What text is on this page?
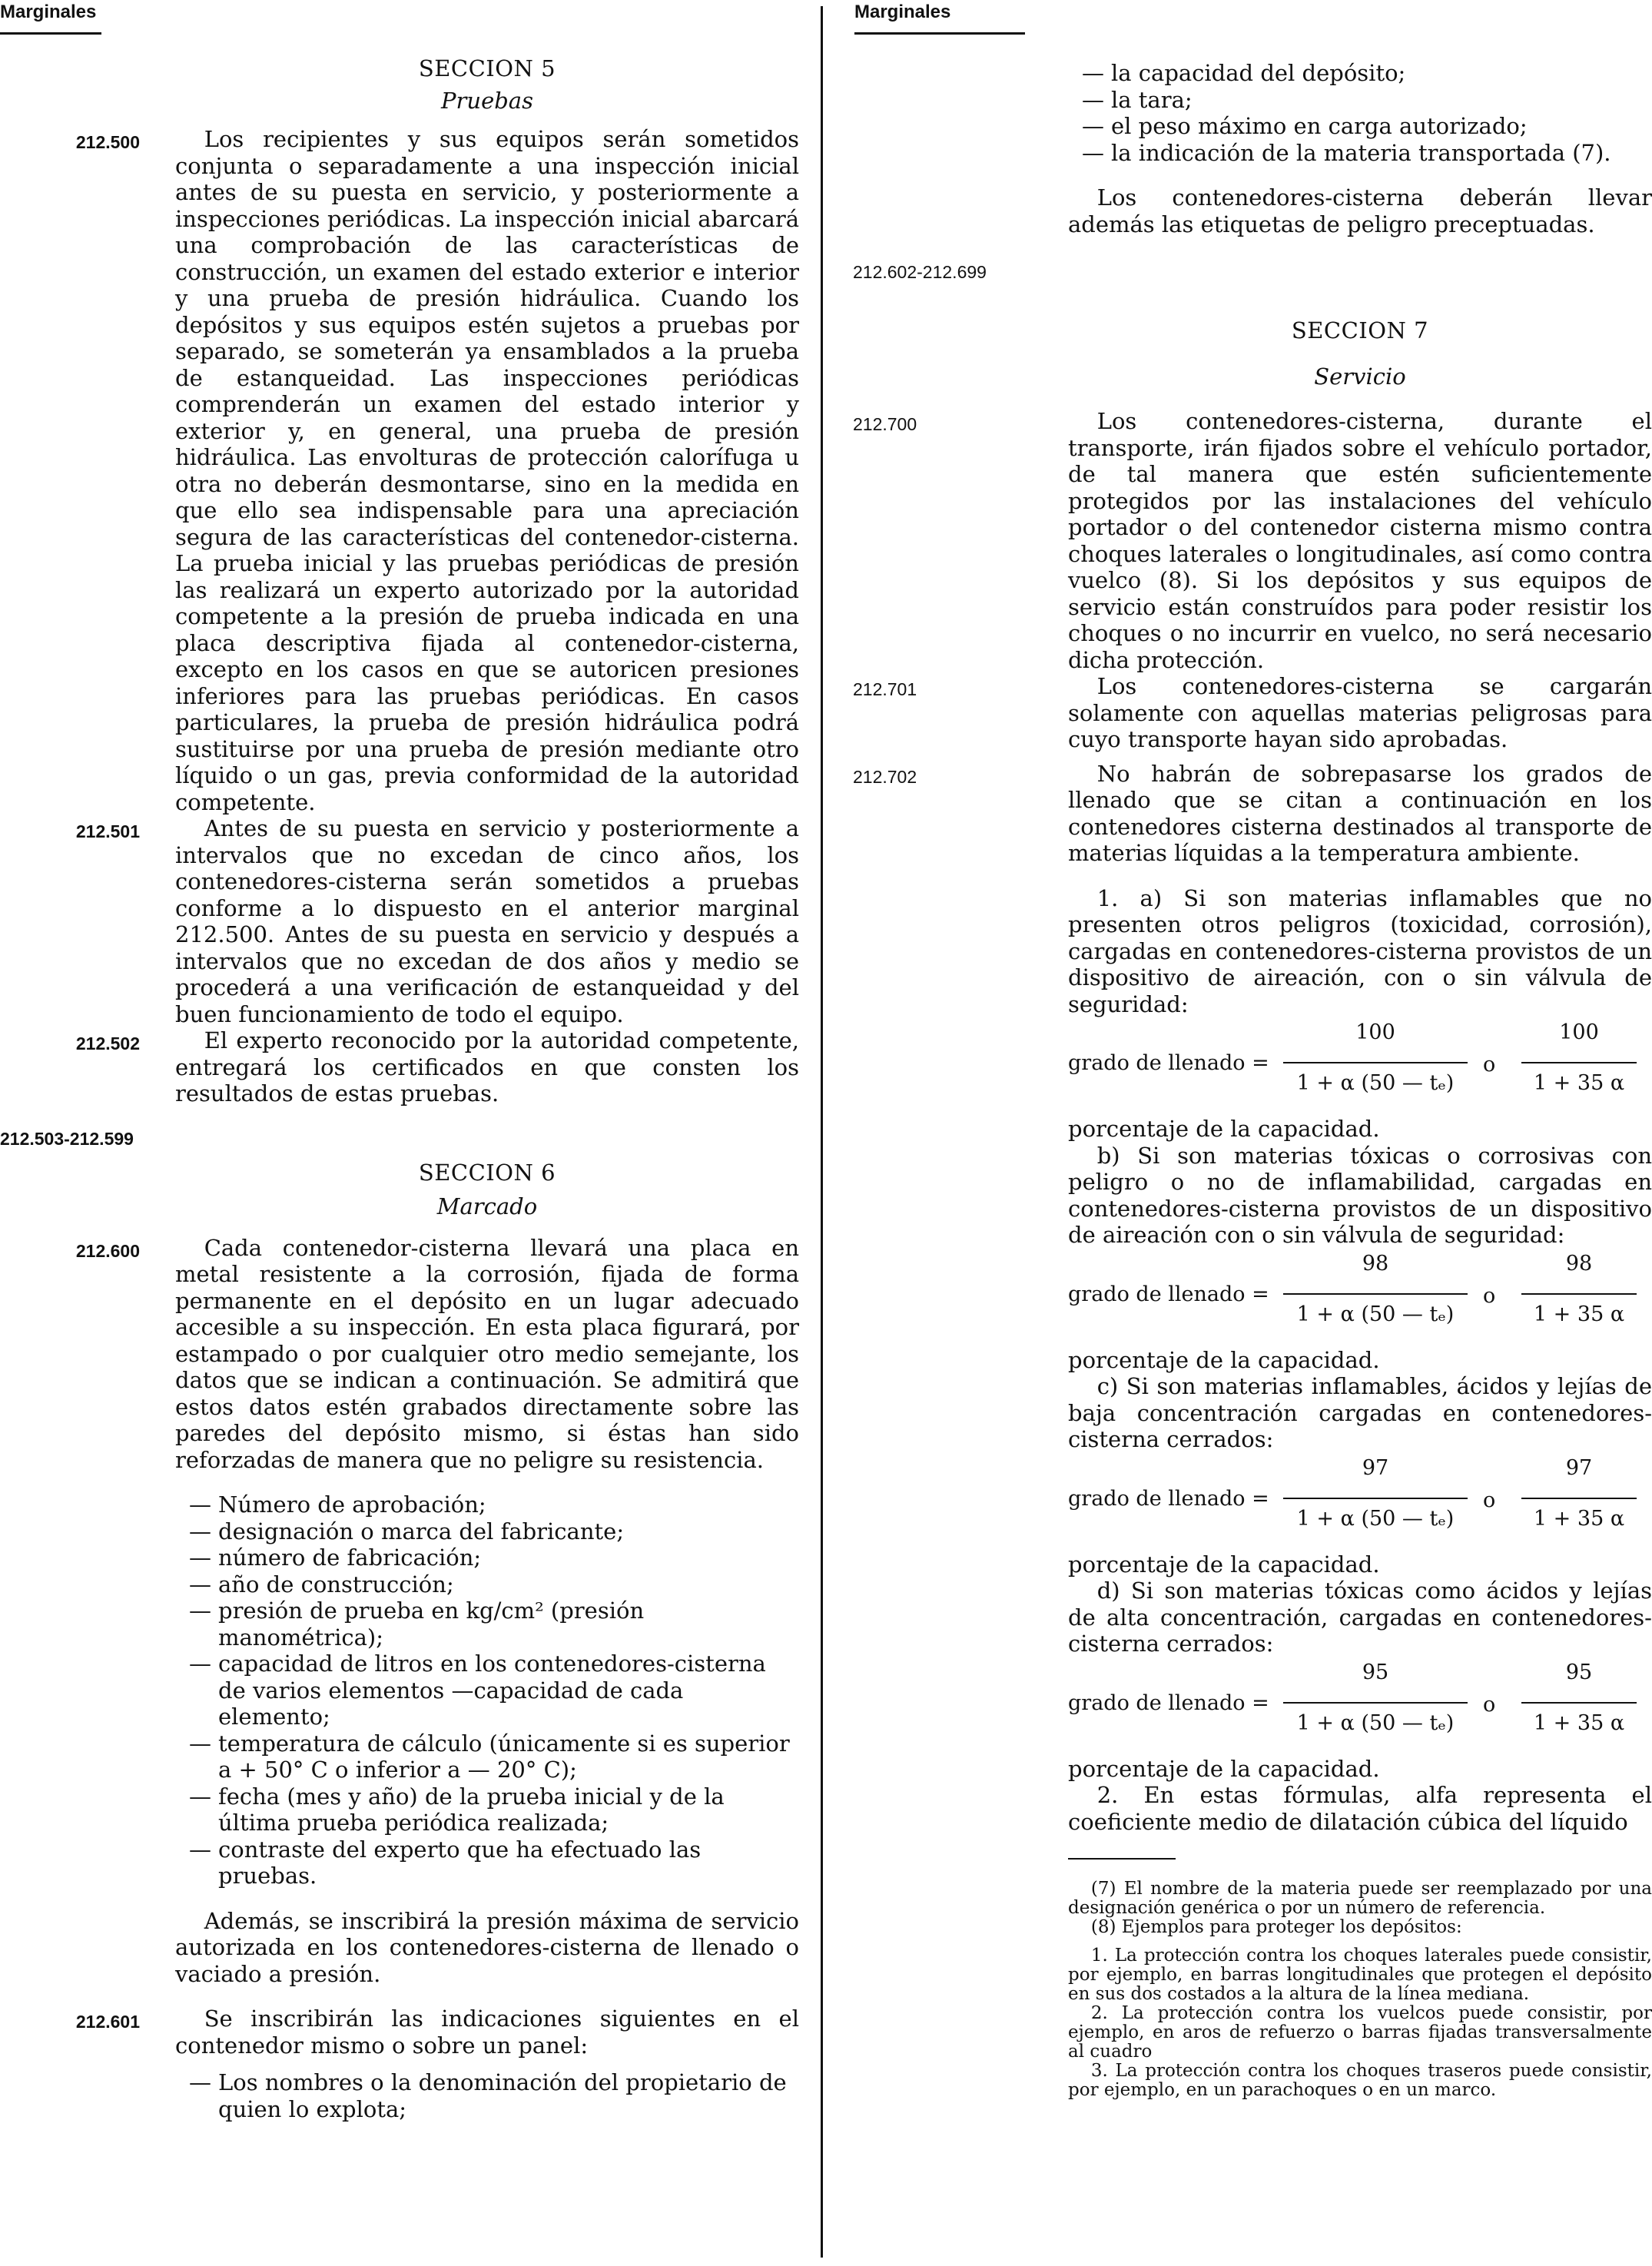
Marginales	Marginales
SECCION 5
Pruebas
212.500	Los recipientes y sus equipos serán sometidos conjunta o separadamente a una inspección inicial antes de su puesta en servicio, y posteriormente a inspecciones periódicas. La inspección inicial abarcará una comprobación de las características de construcción, un examen del estado exterior e interior y una prueba de presión hidráulica. Cuando los depósitos y sus equipos estén sujetos a pruebas por separado, se someterán ya ensamblados a la prueba de estanqueidad. Las inspecciones periódicas comprenderán un examen del estado interior y exterior y, en general, una prueba de presión hidráulica. Las envolturas de protección calorífuga u otra no deberán desmontarse, sino en la medida en que ello sea indispensable para una apreciación segura de las características del contenedor-cisterna. La prueba inicial y las pruebas periódicas de presión las realizará un experto autorizado por la autoridad competente a la presión de prueba indicada en una placa descriptiva fijada al contenedor-cisterna, excepto en los casos en que se autoricen presiones inferiores para las pruebas periódicas. En casos particulares, la prueba de presión hidráulica podrá sustituirse por una prueba de presión mediante otro líquido o un gas, previa conformidad de la autoridad competente.

212.501	Antes de su puesta en servicio y posteriormente a intervalos que no excedan de cinco años, los contenedores-cisterna serán sometidos a pruebas conforme a lo dispuesto en el anterior marginal 212.500. Antes de su puesta en servicio y después a intervalos que no excedan de dos años y medio se procederá a una verificación de estanqueidad y del buen funcionamiento de todo el equipo.

212.502	El experto reconocido por la autoridad competente, entregará los certificados en que consten los resultados de estas pruebas.

212.503-212.599
SECCION 6
Marcado
212.600	Cada contenedor-cisterna llevará una placa en metal resistente a la corrosión, fijada de forma permanente en el depósito en un lugar adecuado accesible a su inspección. En esta placa figurará, por estampado o por cualquier otro medio semejante, los datos que se indican a continuación. Se admitirá que estos datos estén grabados directamente sobre las paredes del depósito mismo, si éstas han sido reforzadas de manera que no peligre su resistencia.

— Número de aprobación;
— designación o marca del fabricante;
— número de fabricación;
— año de construcción;
— presión de prueba en kg/cm² (presión manométrica);
— capacidad de litros en los contenedores-cisterna de varios elementos —capacidad de cada elemento;
— temperatura de cálculo (únicamente si es superior a + 50° C o inferior a — 20° C);
— fecha (mes y año) de la prueba inicial y de la última prueba periódica realizada;
— contraste del experto que ha efectuado las pruebas.

Además, se inscribirá la presión máxima de servicio autorizada en los contenedores-cisterna de llenado o vaciado a presión.

212.601	Se inscribirán las indicaciones siguientes en el contenedor mismo o sobre un panel:

— Los nombres o la denominación del propietario de quien lo explota;
— la capacidad del depósito;
— la tara;
— el peso máximo en carga autorizado;
— la indicación de la materia transportada (7).

Los contenedores-cisterna deberán llevar además las etiquetas de peligro preceptuadas.

212.602-212.699
SECCION 7
Servicio
212.700	Los contenedores-cisterna, durante el transporte, irán fijados sobre el vehículo portador, de tal manera que estén suficientemente protegidos por las instalaciones del vehículo portador o del contenedor cisterna mismo contra choques laterales o longitudinales, así como contra vuelco (8). Si los depósitos y sus equipos de servicio están construídos para poder resistir los choques o no incurrir en vuelco, no será necesario dicha protección.

212.701	Los contenedores-cisterna se cargarán solamente con aquellas materias peligrosas para cuyo transporte hayan sido aprobadas.

212.702	No habrán de sobrepasarse los grados de llenado que se citan a continuación en los contenedores cisterna destinados al transporte de materias líquidas a la temperatura ambiente.

1. a) Si son materias inflamables que no presenten otros peligros (toxicidad, corrosión), cargadas en contenedores-cisterna provistos de un dispositivo de aireación, con o sin válvula de seguridad:

grado de llenado =
100
1 + α (50 — tₑ)
o
100
1 + 35 α

porcentaje de la capacidad.

b) Si son materias tóxicas o corrosivas con peligro o no de inflamabilidad, cargadas en contenedores-cisterna provistos de un dispositivo de aireación con o sin válvula de seguridad:

grado de llenado =
98
1 + α (50 — tₑ)
o
98
1 + 35 α

porcentaje de la capacidad.

c) Si son materias inflamables, ácidos y lejías de baja concentración cargadas en contenedores-cisterna cerrados:

grado de llenado =
97
1 + α (50 — tₑ)
o
97
1 + 35 α

porcentaje de la capacidad.

d) Si son materias tóxicas como ácidos y lejías de alta concentración, cargadas en contenedores-cisterna cerrados:

grado de llenado =
95
1 + α (50 — tₑ)
o
95
1 + 35 α

porcentaje de la capacidad.

2. En estas fórmulas, alfa representa el coeficiente medio de dilatación cúbica del líquido

(7) El nombre de la materia puede ser reemplazado por una designación genérica o por un número de referencia.

(8) Ejemplos para proteger los depósitos:

1. La protección contra los choques laterales puede consistir, por ejemplo, en barras longitudinales que protegen el depósito en sus dos costados a la altura de la línea mediana.

2. La protección contra los vuelcos puede consistir, por ejemplo, en aros de refuerzo o barras fijadas transversalmente al cuadro

3. La protección contra los choques traseros puede consistir, por ejemplo, en un parachoques o en un marco.
